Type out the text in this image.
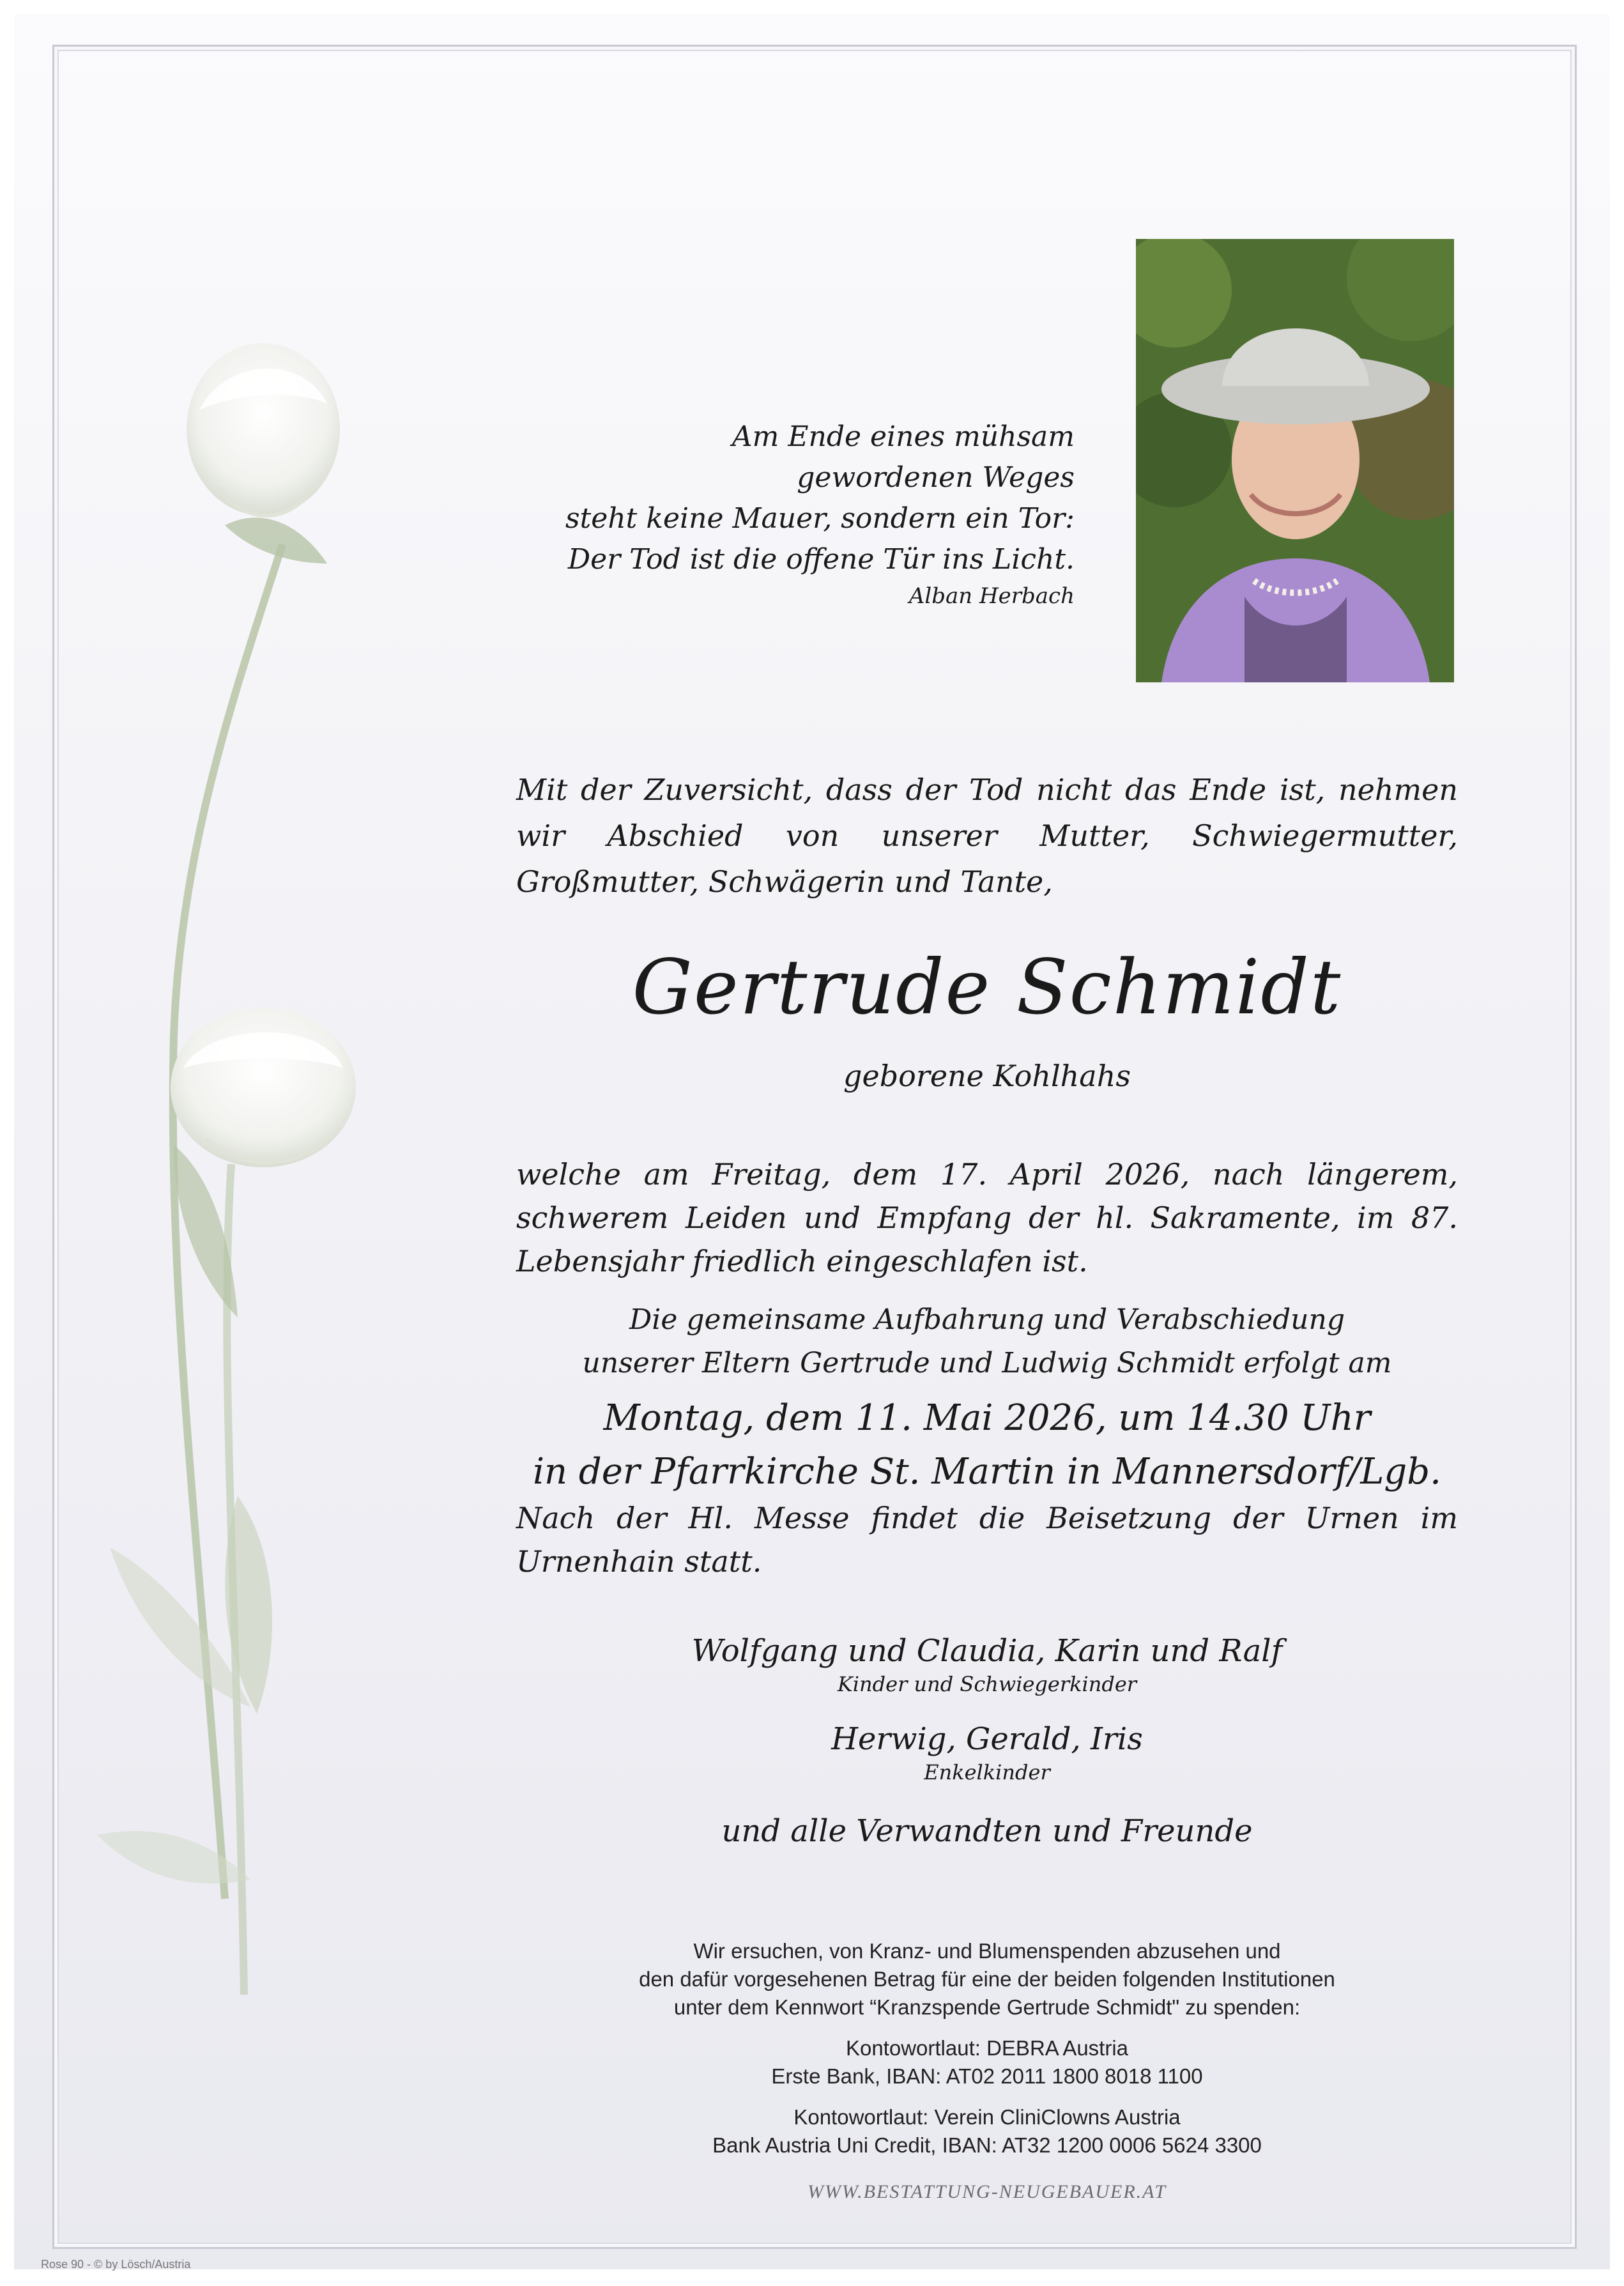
Am Ende eines mühsam
gewordenen Weges
steht keine Mauer, sondern ein Tor:
Der Tod ist die offene Tür ins Licht.
Alban Herbach
Mit der Zuversicht, dass der Tod nicht das Ende ist, nehmen wir Abschied von unserer Mutter, Schwiegermutter, Großmutter, Schwägerin und Tante,
Gertrude Schmidt
geborene Kohlhahs
welche am Freitag, dem 17. April 2026, nach längerem, schwerem Leiden und Empfang der hl. Sakramente, im 87. Lebensjahr friedlich eingeschlafen ist.
Die gemeinsame Aufbahrung und Verabschiedung
unserer Eltern Gertrude und Ludwig Schmidt erfolgt am
Montag, dem 11. Mai 2026, um 14.30 Uhr
in der Pfarrkirche St. Martin in Mannersdorf/Lgb.
Nach der Hl. Messe findet die Beisetzung der Urnen im Urnenhain statt.
Wolfgang und Claudia, Karin und Ralf
Kinder und Schwiegerkinder
Herwig, Gerald, Iris
Enkelkinder
und alle Verwandten und Freunde
Wir ersuchen, von Kranz- und Blumenspenden abzusehen und
den dafür vorgesehenen Betrag für eine der beiden folgenden Institutionen
unter dem Kennwort “Kranzspende Gertrude Schmidt" zu spenden:
Kontowortlaut: DEBRA Austria
Erste Bank, IBAN: AT02 2011 1800 8018 1100
Kontowortlaut: Verein CliniClowns Austria
Bank Austria Uni Credit, IBAN: AT32 1200 0006 5624 3300
WWW.BESTATTUNG-NEUGEBAUER.AT
Rose 90 - © by Lösch/Austria
